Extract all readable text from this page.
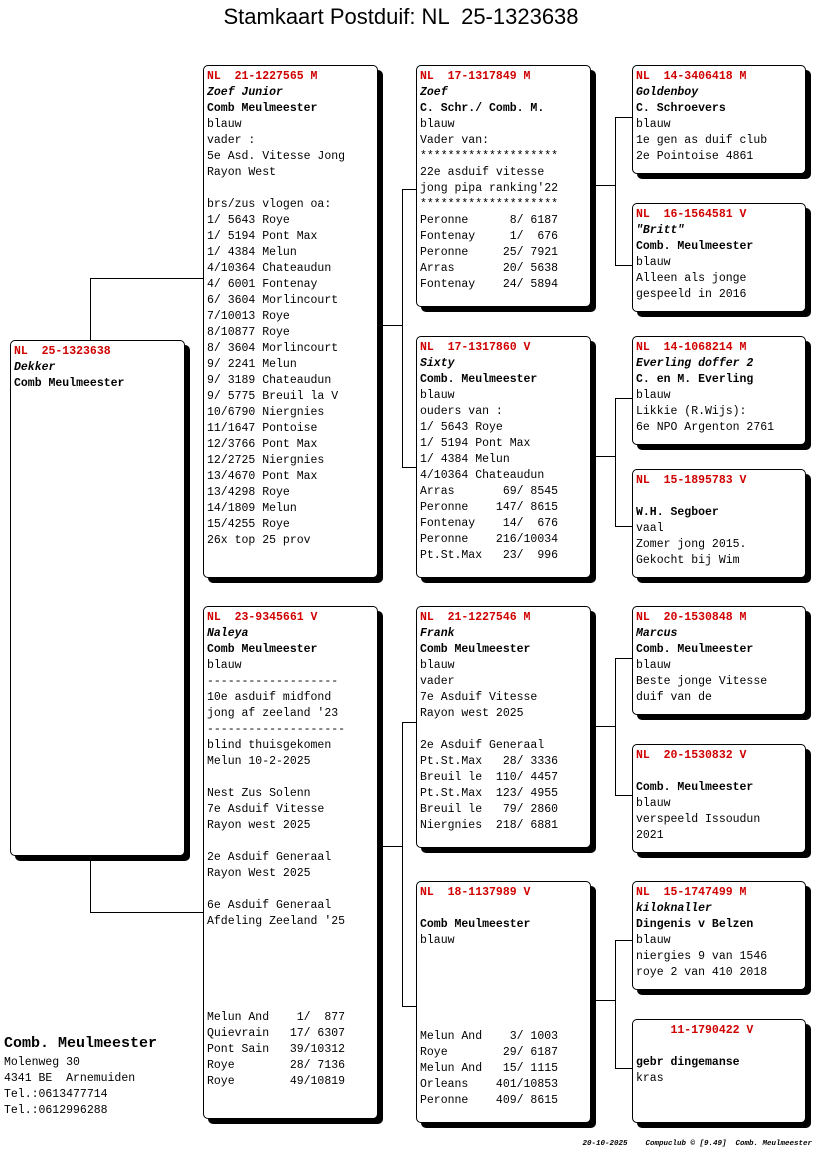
Stamkaart Postduif: NL  25-1323638
NL  25-1323638
Dekker
Comb Meulmeester
NL  21-1227565 M
Zoef Junior
Comb Meulmeester
blauw
vader :
5e Asd. Vitesse Jong
Rayon West
brs/zus vlogen oa:
1/ 5643 Roye
1/ 5194 Pont Max
1/ 4384 Melun
4/10364 Chateaudun
4/ 6001 Fontenay
6/ 3604 Morlincourt
7/10013 Roye
8/10877 Roye
8/ 3604 Morlincourt
9/ 2241 Melun
9/ 3189 Chateaudun
9/ 5775 Breuil la V
10/6790 Niergnies
11/1647 Pontoise
12/3766 Pont Max
12/2725 Niergnies
13/4670 Pont Max
13/4298 Roye
14/1809 Melun
15/4255 Roye
26x top 25 prov
NL  23-9345661 V
Naleya
Comb Meulmeester
blauw
-------------------
10e asduif midfond
jong af zeeland '23
--------------------
blind thuisgekomen
Melun 10-2-2025
Nest Zus Solenn
7e Asduif Vitesse
Rayon west 2025
2e Asduif Generaal
Rayon West 2025
6e Asduif Generaal
Afdeling Zeeland '25
Melun And    1/  877
Quievrain   17/ 6307
Pont Sain   39/10312
Roye        28/ 7136
Roye        49/10819
NL  17-1317849 M
Zoef
C. Schr./ Comb. M.
blauw
Vader van:
********************
22e asduif vitesse
jong pipa ranking'22
********************
Peronne      8/ 6187
Fontenay     1/  676
Peronne     25/ 7921
Arras       20/ 5638
Fontenay    24/ 5894
NL  17-1317860 V
Sixty
Comb. Meulmeester
blauw
ouders van :
1/ 5643 Roye
1/ 5194 Pont Max
1/ 4384 Melun
4/10364 Chateaudun
Arras       69/ 8545
Peronne    147/ 8615
Fontenay    14/  676
Peronne    216/10034
Pt.St.Max   23/  996
NL  21-1227546 M
Frank
Comb Meulmeester
blauw
vader
7e Asduif Vitesse
Rayon west 2025
2e Asduif Generaal
Pt.St.Max   28/ 3336
Breuil le  110/ 4457
Pt.St.Max  123/ 4955
Breuil le   79/ 2860
Niergnies  218/ 6881
NL  18-1137989 V
Comb Meulmeester
blauw
Melun And    3/ 1003
Roye        29/ 6187
Melun And   15/ 1115
Orleans    401/10853
Peronne    409/ 8615
NL  14-3406418 M
Goldenboy
C. Schroevers
blauw
1e gen as duif club
2e Pointoise 4861
NL  16-1564581 V
"Britt"
Comb. Meulmeester
blauw
Alleen als jonge
gespeeld in 2016
NL  14-1068214 M
Everling doffer 2
C. en M. Everling
blauw
Likkie (R.Wijs):
6e NPO Argenton 2761
NL  15-1895783 V
W.H. Segboer
vaal
Zomer jong 2015.
Gekocht bij Wim
NL  20-1530848 M
Marcus
Comb. Meulmeester
blauw
Beste jonge Vitesse
duif van de
NL  20-1530832 V
Comb. Meulmeester
blauw
verspeeld Issoudun
2021
NL  15-1747499 M
kiloknaller
Dingenis v Belzen
blauw
niergies 9 van 1546
roye 2 van 410 2018
11-1790422 V
gebr dingemanse
kras
Comb. Meulmeester
Molenweg 30
4341 BE  Arnemuiden
Tel.:0613477714
Tel.:0612996288
20-10-2025    Compuclub © [9.49]  Comb. Meulmeester
